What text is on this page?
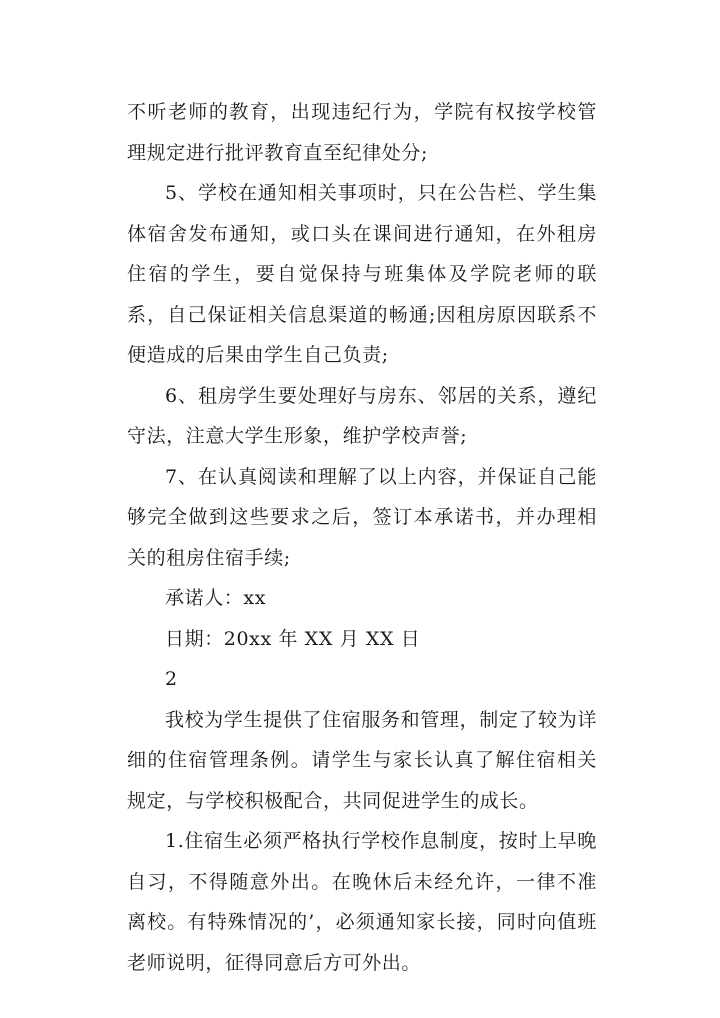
不听老师的教育，出现违纪行为，学院有权按学校管理规定进行批评教育直至纪律处分;

5、学校在通知相关事项时，只在公告栏、学生集体宿舍发布通知，或口头在课间进行通知，在外租房住宿的学生，要自觉保持与班集体及学院老师的联系，自己保证相关信息渠道的畅通;因租房原因联系不便造成的后果由学生自己负责;

6、租房学生要处理好与房东、邻居的关系，遵纪守法，注意大学生形象，维护学校声誉;

7、在认真阅读和理解了以上内容，并保证自己能够完全做到这些要求之后，签订本承诺书，并办理相关的租房住宿手续;

承诺人：xx

日期：20xx 年 XX 月 XX 日

2

我校为学生提供了住宿服务和管理，制定了较为详细的住宿管理条例。请学生与家长认真了解住宿相关规定，与学校积极配合，共同促进学生的成长。

1.住宿生必须严格执行学校作息制度，按时上早晚自习，不得随意外出。在晚休后未经允许，一律不准离校。有特殊情况的’，必须通知家长接，同时向值班老师说明，征得同意后方可外出。
